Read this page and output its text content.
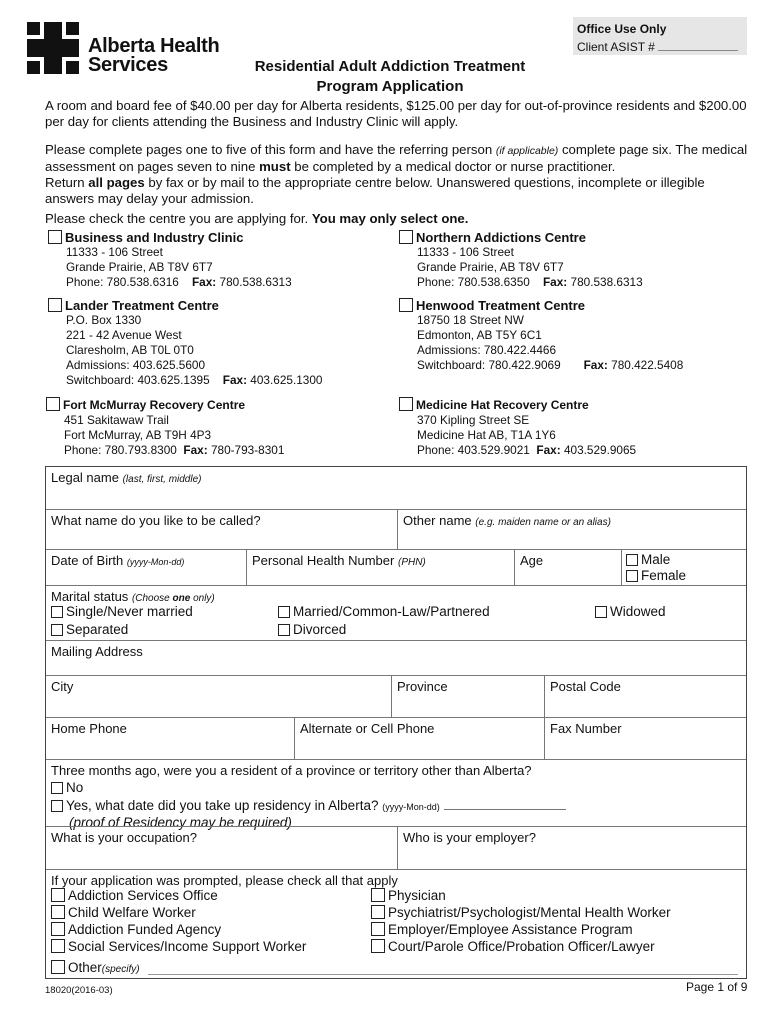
Alberta Health
Services
Office Use Only
Client ASIST #
Residential Adult Addiction Treatment
Program Application
A room and board fee of $40.00 per day for Alberta residents, $125.00 per day for out-of-province residents and $200.00 per day for clients attending the Business and Industry Clinic will apply.
Please complete pages one to five of this form and have the referring person (if applicable) complete page six. The medical assessment on pages seven to nine must be completed by a medical doctor or nurse practitioner.
Return all pages by fax or by mail to the appropriate centre below. Unanswered questions, incomplete or illegible answers may delay your admission.
Please check the centre you are applying for. You may only select one.
Business and Industry Clinic
11333 - 106 Street
Grande Prairie, AB T8V 6T7
Phone: 780.538.6316 Fax: 780.538.6313
Northern Addictions Centre
11333 - 106 Street
Grande Prairie, AB T8V 6T7
Phone: 780.538.6350 Fax: 780.538.6313
Lander Treatment Centre
P.O. Box 1330
221 - 42 Avenue West
Claresholm, AB T0L 0T0
Admissions: 403.625.5600
Switchboard: 403.625.1395 Fax: 403.625.1300
Henwood Treatment Centre
18750 18 Street NW
Edmonton, AB T5Y 6C1
Admissions: 780.422.4466
Switchboard: 780.422.9069 Fax: 780.422.5408
Fort McMurray Recovery Centre
451 Sakitawaw Trail
Fort McMurray, AB T9H 4P3
Phone: 780.793.8300 Fax: 780-793-8301
Medicine Hat Recovery Centre
370 Kipling Street SE
Medicine Hat AB, T1A 1Y6
Phone: 403.529.9021 Fax: 403.529.9065
Legal name (last, first, middle)
What name do you like to be called?	Other name (e.g. maiden name or an alias)
Date of Birth (yyyy-Mon-dd)	Personal Health Number (PHN)	Age	Male
Female
Marital status (Choose one only)
Single/Never married	Married/Common-Law/Partnered	Widowed
Separated	Divorced
Mailing Address
City	Province	Postal Code
Home Phone	Alternate or Cell Phone	Fax Number
Three months ago, were you a resident of a province or territory other than Alberta?
No
Yes, what date did you take up residency in Alberta? (yyyy-Mon-dd)
(proof of Residency may be required)
What is your occupation?	Who is your employer?
If your application was prompted, please check all that apply
Addiction Services Office
Child Welfare Worker
Addiction Funded Agency
Social Services/Income Support Worker
Physician
Psychiatrist/Psychologist/Mental Health Worker
Employer/Employee Assistance Program
Court/Parole Office/Probation Officer/Lawyer
Other(specify)
18020(2016-03)	Page 1 of 9
